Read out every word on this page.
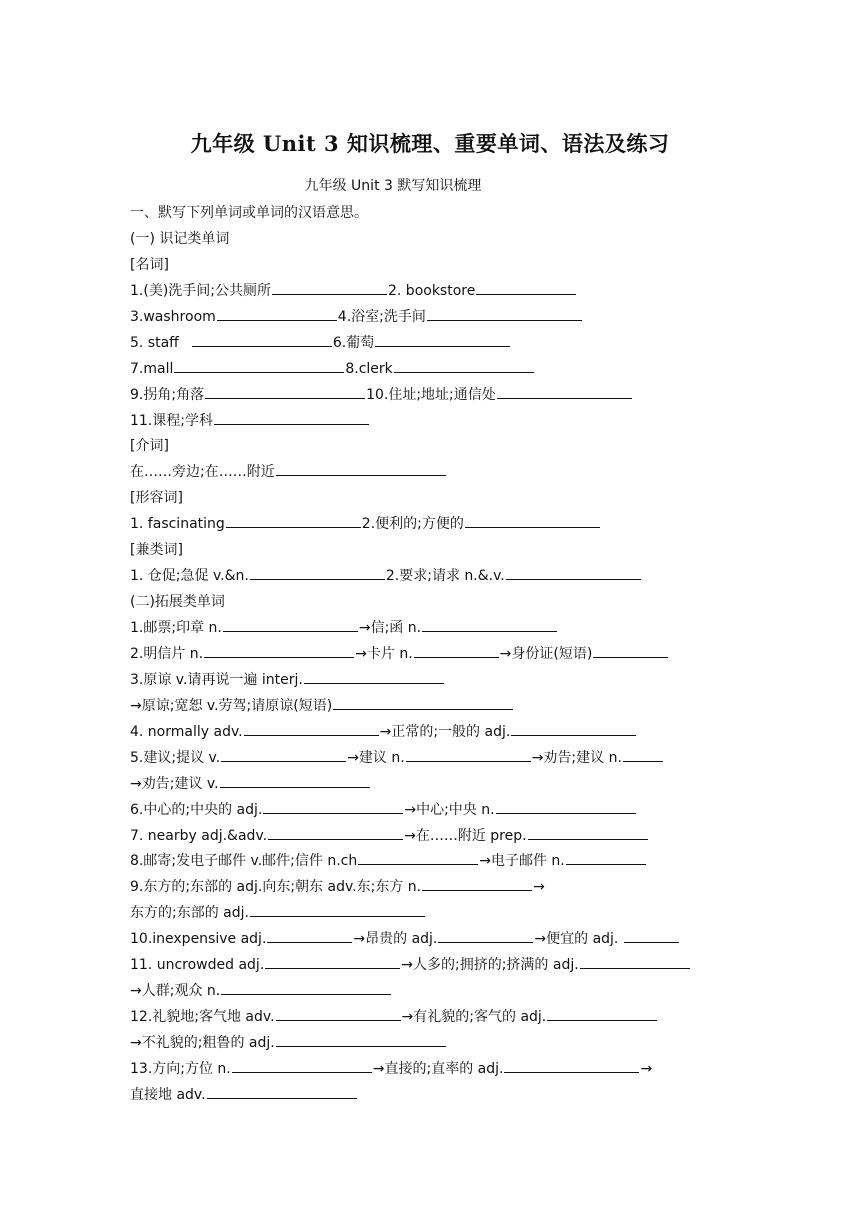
九年级 Unit 3 知识梳理、重要单词、语法及练习
九年级 Unit 3 默写知识梳理
一、默写下列单词或单词的汉语意思。
(一) 识记类单词
[名词]
1.(美)洗手间;公共厕所	2. bookstore
3.washroom	4.浴室;洗手间
5. staff	6.葡萄
7.mall	8.clerk
9.拐角;角落	10.住址;地址;通信处
11.课程;学科
[介词]
在……旁边;在……附近
[形容词]
1. fascinating	2.便利的;方便的
[兼类词]
1. 仓促;急促 v.&n.	2.要求;请求 n.&.v.
(二)拓展类单词
1.邮票;印章 n.	→信;函 n.
2.明信片 n.	→卡片 n.	→身份证(短语)
3.原谅 v.请再说一遍 interj.
→原谅;宽恕 v.劳驾;请原谅(短语)
4. normally adv.	→正常的;一般的 adj.
5.建议;提议 v.	→建议 n.	→劝告;建议 n.
→劝告;建议 v.
6.中心的;中央的 adj.	→中心;中央 n.
7. nearby adj.&adv.	→在……附近 prep.
8.邮寄;发电子邮件 v.邮件;信件 n.ch	→电子邮件 n.
9.东方的;东部的 adj.向东;朝东 adv.东;东方 n.	→
东方的;东部的 adj.
10.inexpensive adj.	→昂贵的 adj.	→便宜的 adj.
11. uncrowded adj.	→人多的;拥挤的;挤满的 adj.
→人群;观众 n.
12.礼貌地;客气地 adv.	→有礼貌的;客气的 adj.
→不礼貌的;粗鲁的 adj.
13.方向;方位 n.	→直接的;直率的 adj.	→
直接地 adv.
